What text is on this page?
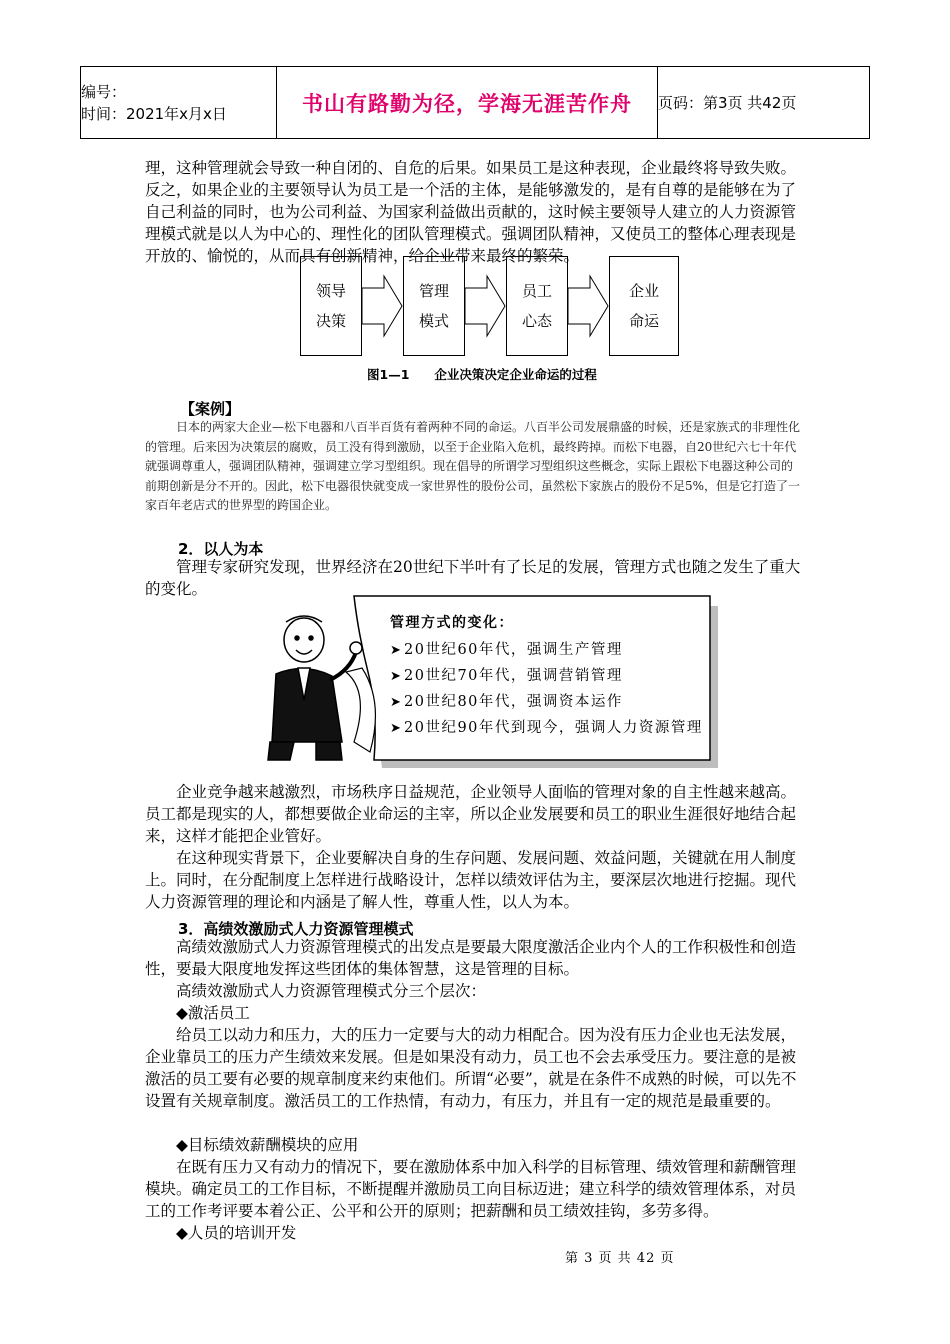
编号：
时间：2021年x月x日	书山有路勤为径，学海无涯苦作舟	页码：第3页 共42页

理，这种管理就会导致一种自闭的、自危的后果。如果员工是这种表现，企业最终将导致失败。反之，如果企业的主要领导认为员工是一个活的主体，是能够激发的，是有自尊的是能够在为了自己利益的同时，也为公司利益、为国家利益做出贡献的，这时候主要领导人建立的人力资源管理模式就是以人为中心的、理性化的团队管理模式。强调团队精神，又使员工的整体心理表现是开放的、愉悦的，从而具有创新精神，给企业带来最终的繁荣。

领导
决策
管理
模式
员工
心态
企业
命运
图1—1　　企业决策决定企业命运的过程
【案例】
日本的两家大企业—松下电器和八百半百货有着两种不同的命运。八百半公司发展鼎盛的时候，还是家族式的非理性化的管理。后来因为决策层的腐败，员工没有得到激励，以至于企业陷入危机，最终跨掉。而松下电器，自20世纪六七十年代就强调尊重人，强调团队精神，强调建立学习型组织。现在倡导的所谓学习型组织这些概念，实际上跟松下电器这种公司的前期创新是分不开的。因此，松下电器很快就变成一家世界性的股份公司，虽然松下家族占的股份不足5%，但是它打造了一家百年老店式的世界型的跨国企业。
2．以人为本

管理专家研究发现，世界经济在20世纪下半叶有了长足的发展，管理方式也随之发生了重大的变化。

管理方式的变化：
➤ 20世纪60年代，强调生产管理
➤ 20世纪70年代，强调营销管理
➤ 20世纪80年代，强调资本运作
➤ 20世纪90年代到现今，强调人力资源管理

企业竞争越来越激烈，市场秩序日益规范，企业领导人面临的管理对象的自主性越来越高。员工都是现实的人，都想要做企业命运的主宰，所以企业发展要和员工的职业生涯很好地结合起来，这样才能把企业管好。

在这种现实背景下，企业要解决自身的生存问题、发展问题、效益问题，关键就在用人制度上。同时，在分配制度上怎样进行战略设计，怎样以绩效评估为主，要深层次地进行挖掘。现代人力资源管理的理论和内涵是了解人性，尊重人性，以人为本。

3．高绩效激励式人力资源管理模式

高绩效激励式人力资源管理模式的出发点是要最大限度激活企业内个人的工作积极性和创造性，要最大限度地发挥这些团体的集体智慧，这是管理的目标。

高绩效激励式人力资源管理模式分三个层次：

◆激活员工

给员工以动力和压力，大的压力一定要与大的动力相配合。因为没有压力企业也无法发展，企业靠员工的压力产生绩效来发展。但是如果没有动力，员工也不会去承受压力。要注意的是被激活的员工要有必要的规章制度来约束他们。所谓“必要”，就是在条件不成熟的时候，可以先不设置有关规章制度。激活员工的工作热情，有动力，有压力，并且有一定的规范是最重要的。

◆目标绩效薪酬模块的应用

在既有压力又有动力的情况下，要在激励体系中加入科学的目标管理、绩效管理和薪酬管理模块。确定员工的工作目标，不断提醒并激励员工向目标迈进；建立科学的绩效管理体系，对员工的工作考评要本着公正、公平和公开的原则；把薪酬和员工绩效挂钩，多劳多得。

◆人员的培训开发

第 3 页 共 42 页
